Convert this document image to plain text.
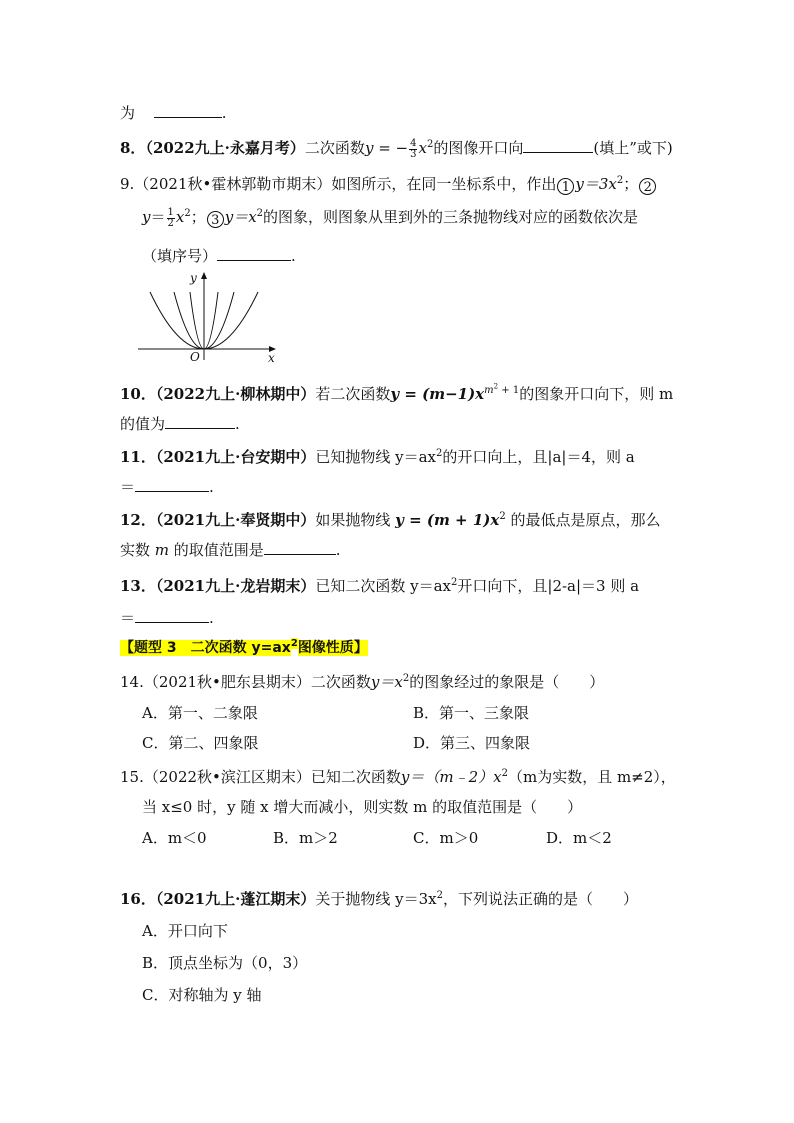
为	.
8．（2022九上·永嘉月考）二次函数y = − $\frac{4}{3} x^2$的图像开口向	(填上”或下)
9.（2021秋•霍林郭勒市期末）如图所示，在同一坐标系中，作出 1 $y=3x^2$； 2
$y= \frac{1}{2} x^2$； 3 $y=x^2$的图象，则图象从里到外的三条抛物线对应的函数依次是
（填序号）	.
y
x
O
10．（2022九上·柳林期中）若二次函数$y = (m-1)x^{m^2 + 1}$的图象开口向下，则 m
的值为	.
11．（2021九上·台安期中）已知抛物线 $y=ax^2$的开口向上，且|a|＝4，则 a
＝	.
12．（2021九上·奉贤期中）如果抛物线 $y = (m + 1)x^2$ 的最低点是原点，那么
实数 m 的取值范围是	.
13．（2021九上·龙岩期末）已知二次函数 $y=ax^2$开口向下，且|2-a|＝3 则 a
＝	.
【题型 3　二次函数 $y=ax^2$图像性质】
14.（2021秋•肥东县期末）二次函数$y=x^2$的图象经过的象限是（　　）
A．第一、二象限	B．第一、三象限
C．第二、四象限	D．第三、四象限
15.（2022秋•滨江区期末）已知二次函数$y=(m﹣2)x^2(m$为实数，且 m≠2），
当 x≤0 时，y 随 x 增大而减小，则实数 m 的取值范围是（　　）
A．m＜0	B．m＞2	C．m＞0	D．m＜2
16．（2021九上·蓬江期末）关于抛物线 $y=3x^2$，下列说法正确的是（　　）
A．开口向下
B．顶点坐标为（0，3）
C．对称轴为 y 轴
